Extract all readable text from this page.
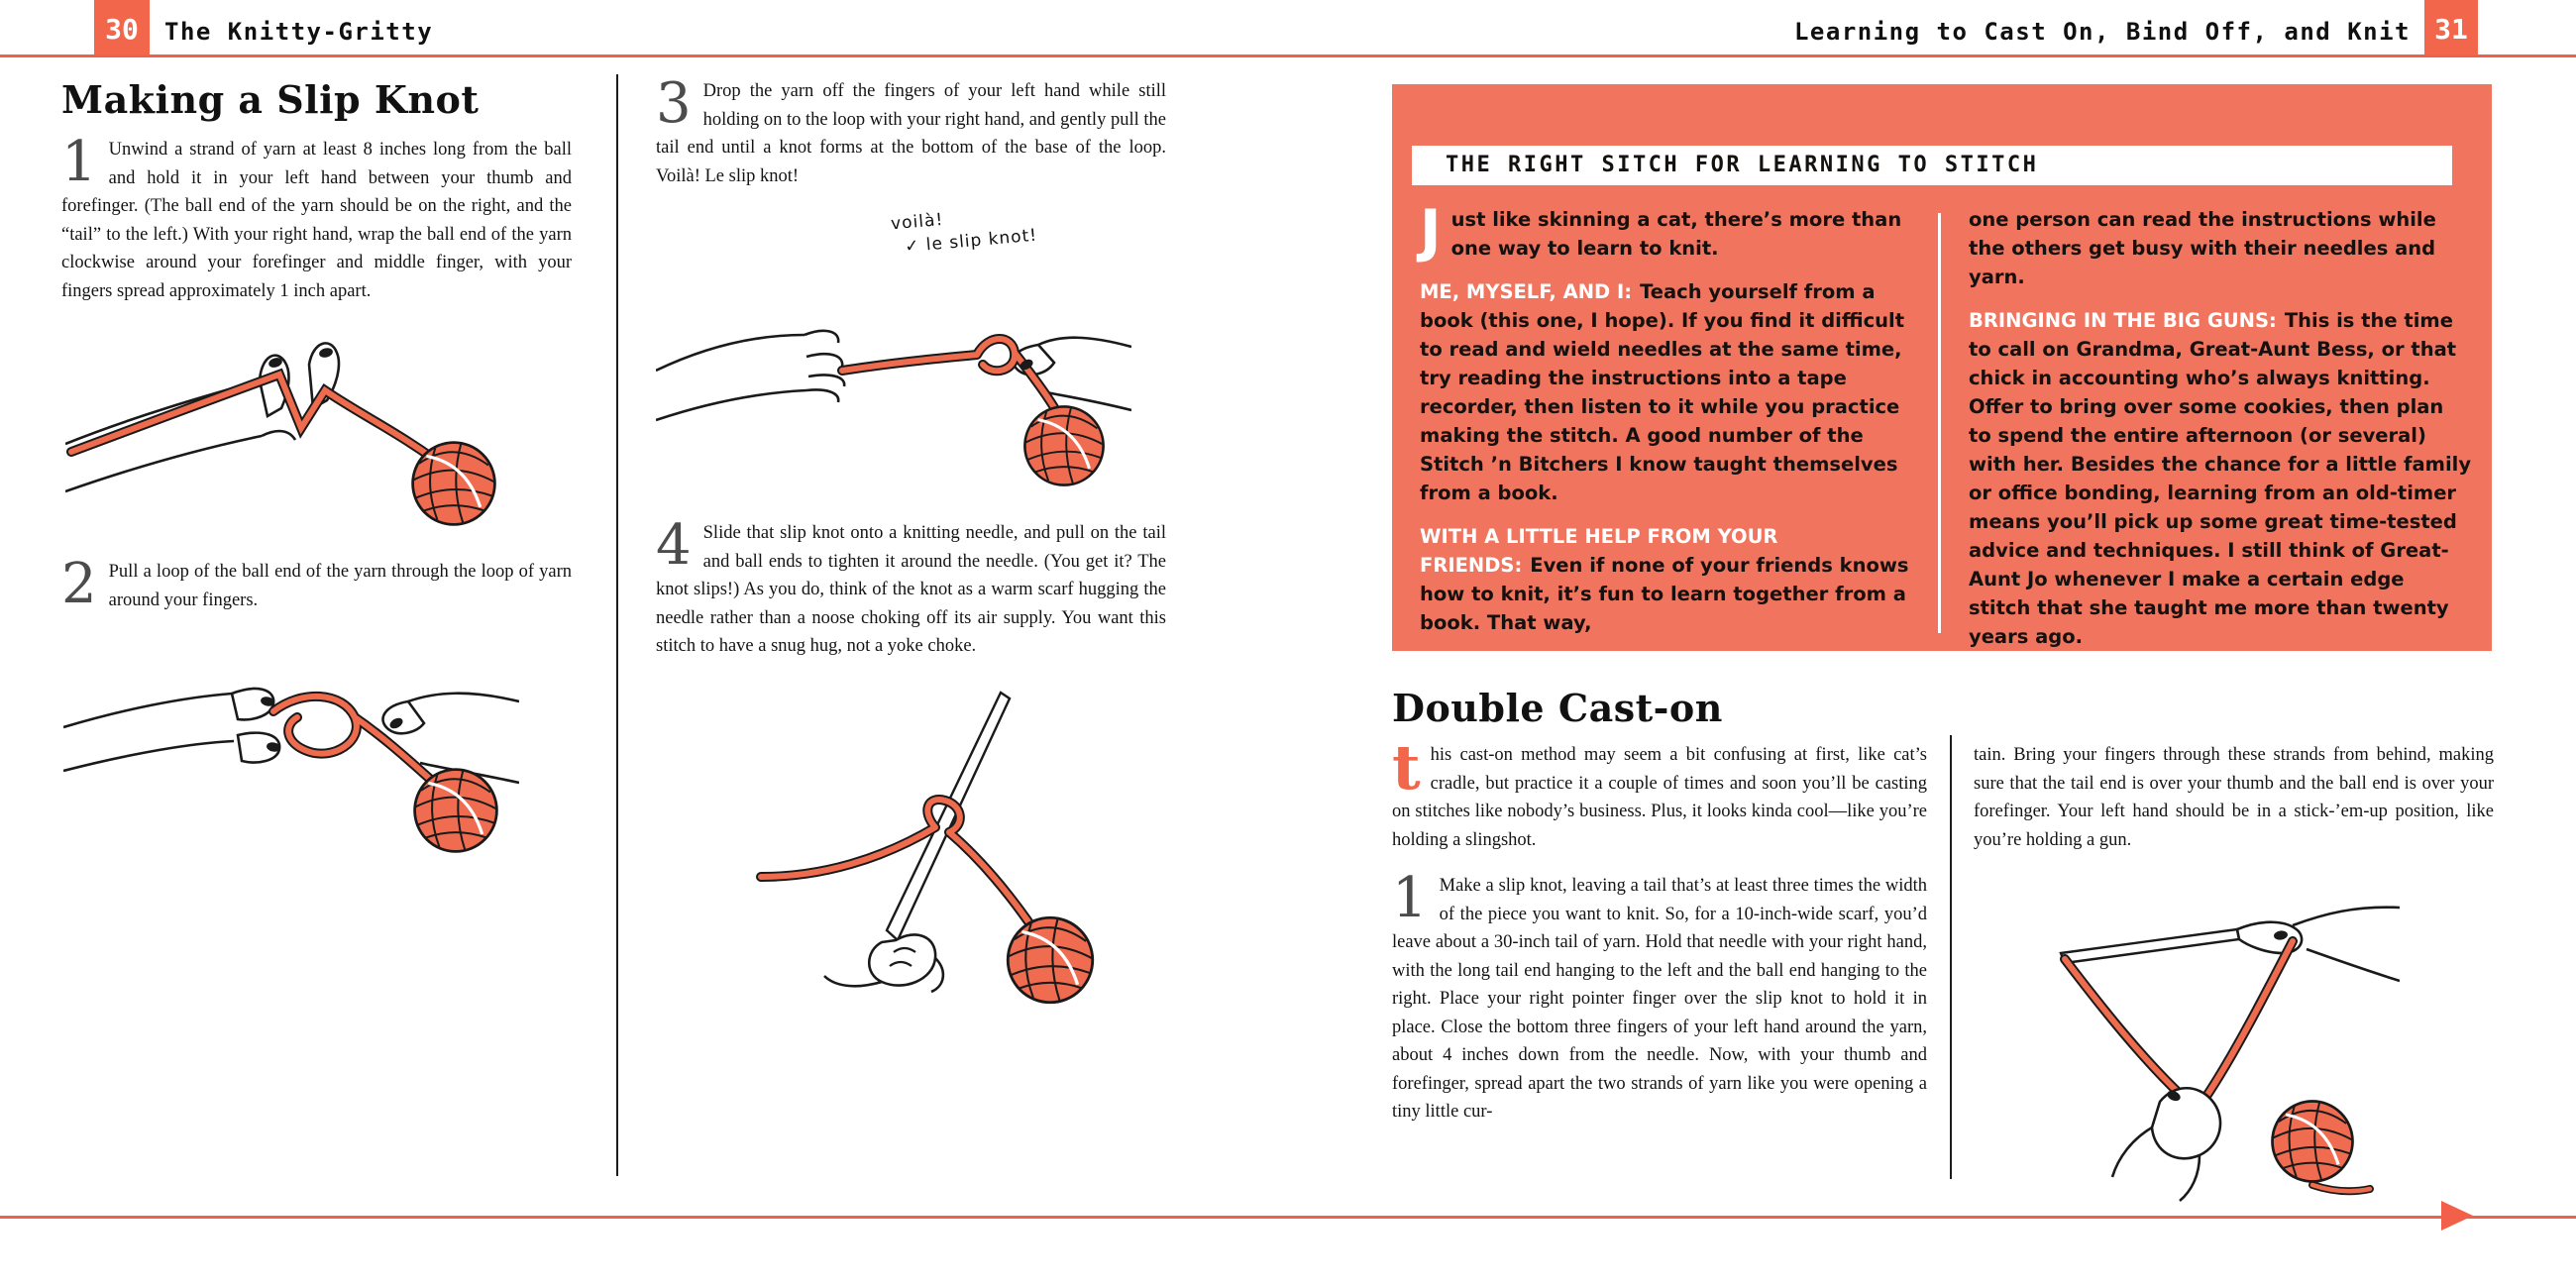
30	The Knitty-Gritty	Learning to Cast On, Bind Off, and Knit 31
Making a Slip Knot

1 Unwind a strand of yarn at least 8 inches long from the ball and hold it in your left hand between your thumb and forefinger. (The ball end of the yarn should be on the right, and the “tail” to the left.) With your right hand, wrap the ball end of the yarn clockwise around your forefinger and middle finger, with your fingers spread approximately 1 inch apart.

2 Pull a loop of the ball end of the yarn through the loop of yarn around your fingers.

3 Drop the yarn off the fingers of your left hand while still holding on to the loop with your right hand, and gently pull the tail end until a knot forms at the bottom of the base of the loop. Voilà! Le slip knot!

voilà!
✓ le slip knot!

4 Slide that slip knot onto a knitting needle, and pull on the tail and ball ends to tighten it around the needle. (You get it? The knot slips!) As you do, think of the knot as a warm scarf hugging the needle rather than a noose choking off its air supply. You want this stitch to have a snug hug, not a yoke choke.

THE RIGHT SITCH FOR LEARNING TO STITCH

Just like skinning a cat, there’s more than one way to learn to knit.

ME, MYSELF, AND I: Teach yourself from a book (this one, I hope). If you find it difficult to read and wield needles at the same time, try reading the instructions into a tape recorder, then listen to it while you practice making the stitch. A good number of the Stitch ’n Bitchers I know taught themselves from a book.

WITH A LITTLE HELP FROM YOUR FRIENDS: Even if none of your friends knows how to knit, it’s fun to learn together from a book. That way,

one person can read the instructions while the others get busy with their needles and yarn.

BRINGING IN THE BIG GUNS: This is the time to call on Grandma, Great-Aunt Bess, or that chick in accounting who’s always knitting. Offer to bring over some cookies, then plan to spend the entire afternoon (or several) with her. Besides the chance for a little family or office bonding, learning from an old-timer means you’ll pick up some great time-tested advice and techniques. I still think of Great-Aunt Jo whenever I make a certain edge stitch that she taught me more than twenty years ago.

Double Cast-on

this cast-on method may seem a bit confusing at first, like cat’s cradle, but practice it a couple of times and soon you’ll be casting on stitches like nobody’s business. Plus, it looks kinda cool—like you’re holding a slingshot.

1 Make a slip knot, leaving a tail that’s at least three times the width of the piece you want to knit. So, for a 10-inch-wide scarf, you’d leave about a 30-inch tail of yarn. Hold that needle with your right hand, with the long tail end hanging to the left and the ball end hanging to the right. Place your right pointer finger over the slip knot to hold it in place. Close the bottom three fingers of your left hand around the yarn, about 4 inches down from the needle. Now, with your thumb and forefinger, spread apart the two strands of yarn like you were opening a tiny little cur-

tain. Bring your fingers through these strands from behind, making sure that the tail end is over your thumb and the ball end is over your forefinger. Your left hand should be in a stick-’em-up position, like you’re holding a gun.
